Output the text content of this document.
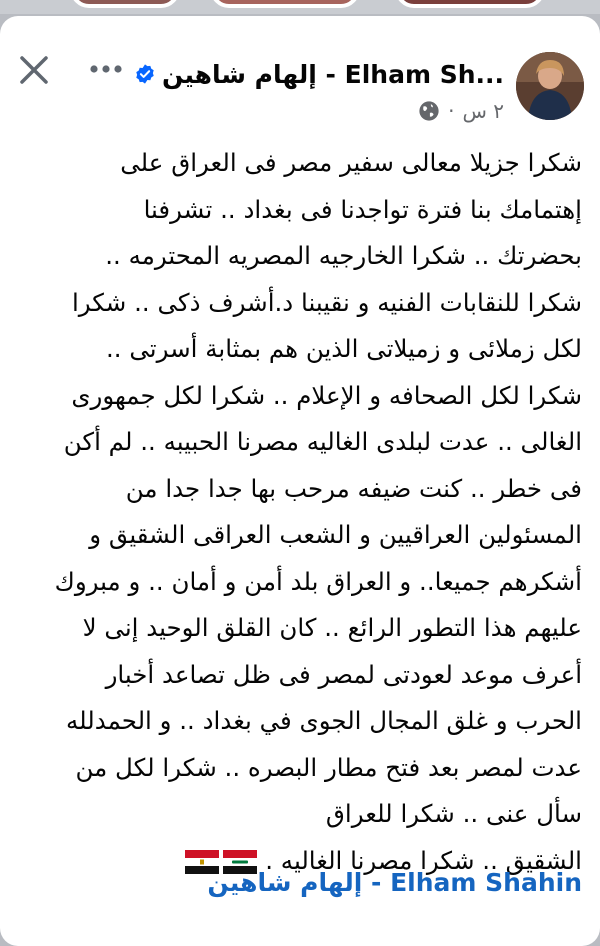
إلهام شاهين - Elham Sh...
· ٢ س
شكرا جزيلا معالى سفير مصر فى العراق على
إهتمامك بنا فترة تواجدنا فى بغداد .. تشرفنا
بحضرتك .. شكرا الخارجيه المصريه المحترمه ..
شكرا للنقابات الفنيه و نقيبنا د.أشرف ذكى .. شكرا
لكل زملائى و زميلاتى الذين هم بمثابة أسرتى ..
شكرا لكل الصحافه و الإعلام .. شكرا لكل جمهورى
الغالى .. عدت لبلدى الغاليه مصرنا الحبيبه .. لم أكن
فى خطر .. كنت ضيفه مرحب بها جدا جدا من
المسئولين العراقيين و الشعب العراقى الشقيق و
أشكرهم جميعا.. و العراق بلد أمن و أمان .. و مبروك
عليهم هذا التطور الرائع .. كان القلق الوحيد إنى لا
أعرف موعد لعودتى لمصر فى ظل تصاعد أخبار
الحرب و غلق المجال الجوى في بغداد .. و الحمدلله
عدت لمصر بعد فتح مطار البصره .. شكرا لكل من
سأل عنى .. شكرا للعراق
الشقيق .. شكرا مصرنا الغاليه .
إلهام شاهين - Elham Shahin
